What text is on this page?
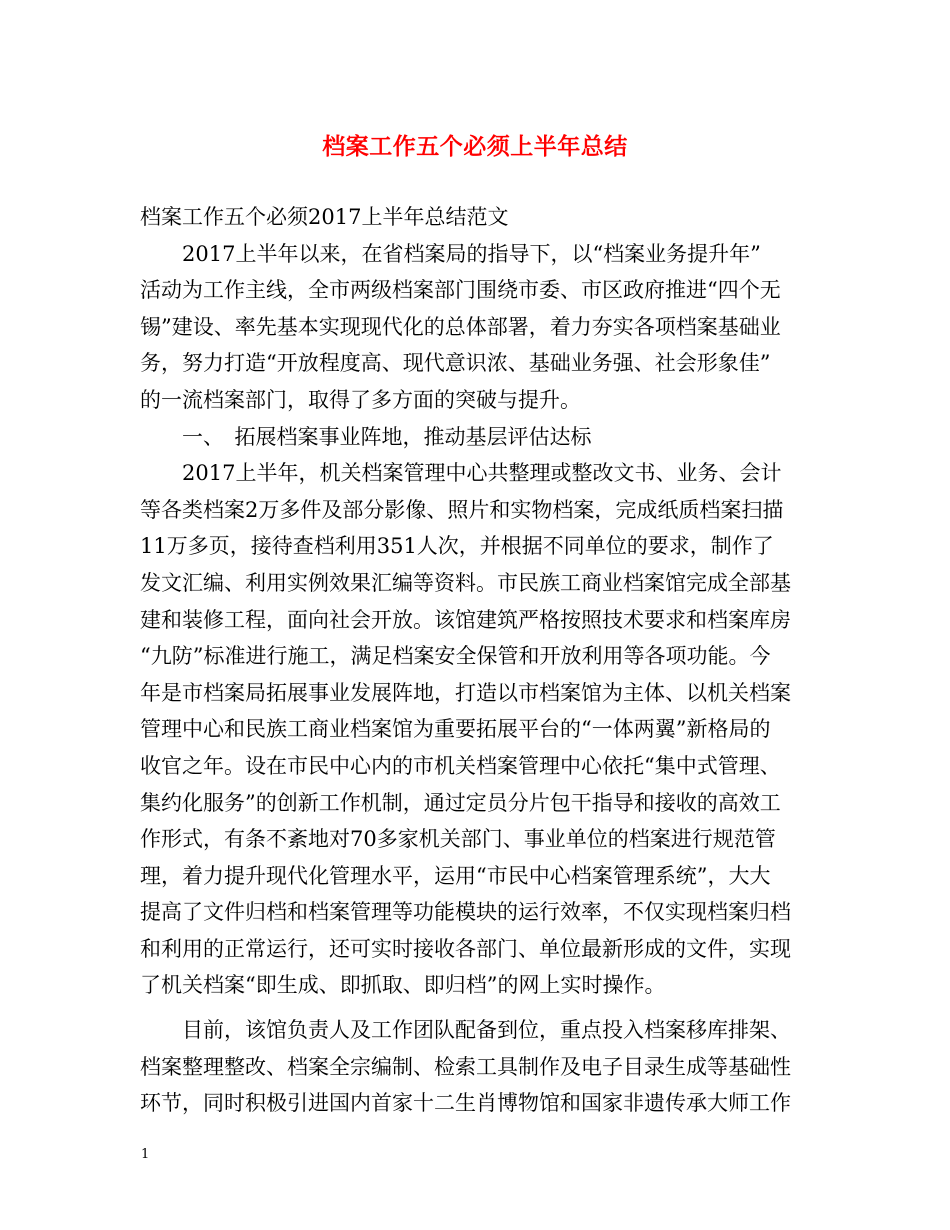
档案工作五个必须上半年总结

档案工作五个必须2017上半年总结范文

　　2017上半年以来，在省档案局的指导下，以“档案业务提升年”

活动为工作主线，全市两级档案部门围绕市委、市区政府推进“四个无

锡”建设、率先基本实现现代化的总体部署，着力夯实各项档案基础业

务，努力打造“开放程度高、现代意识浓、基础业务强、社会形象佳”

的一流档案部门，取得了多方面的突破与提升。

　　一、　拓展档案事业阵地，推动基层评估达标

　　2017上半年，机关档案管理中心共整理或整改文书、业务、会计

等各类档案2万多件及部分影像、照片和实物档案，完成纸质档案扫描

11万多页，接待查档利用351人次，并根据不同单位的要求，制作了

发文汇编、利用实例效果汇编等资料。市民族工商业档案馆完成全部基

建和装修工程，面向社会开放。该馆建筑严格按照技术要求和档案库房

“九防”标准进行施工，满足档案安全保管和开放利用等各项功能。今

年是市档案局拓展事业发展阵地，打造以市档案馆为主体、以机关档案

管理中心和民族工商业档案馆为重要拓展平台的“一体两翼”新格局的

收官之年。设在市民中心内的市机关档案管理中心依托“集中式管理、

集约化服务”的创新工作机制，通过定员分片包干指导和接收的高效工

作形式，有条不紊地对70多家机关部门、事业单位的档案进行规范管

理，着力提升现代化管理水平，运用“市民中心档案管理系统”，大大

提高了文件归档和档案管理等功能模块的运行效率，不仅实现档案归档

和利用的正常运行，还可实时接收各部门、单位最新形成的文件，实现

了机关档案“即生成、即抓取、即归档”的网上实时操作。

　　目前，该馆负责人及工作团队配备到位，重点投入档案移库排架、

档案整理整改、档案全宗编制、检索工具制作及电子目录生成等基础性

环节，同时积极引进国内首家十二生肖博物馆和国家非遗传承大师工作

1
